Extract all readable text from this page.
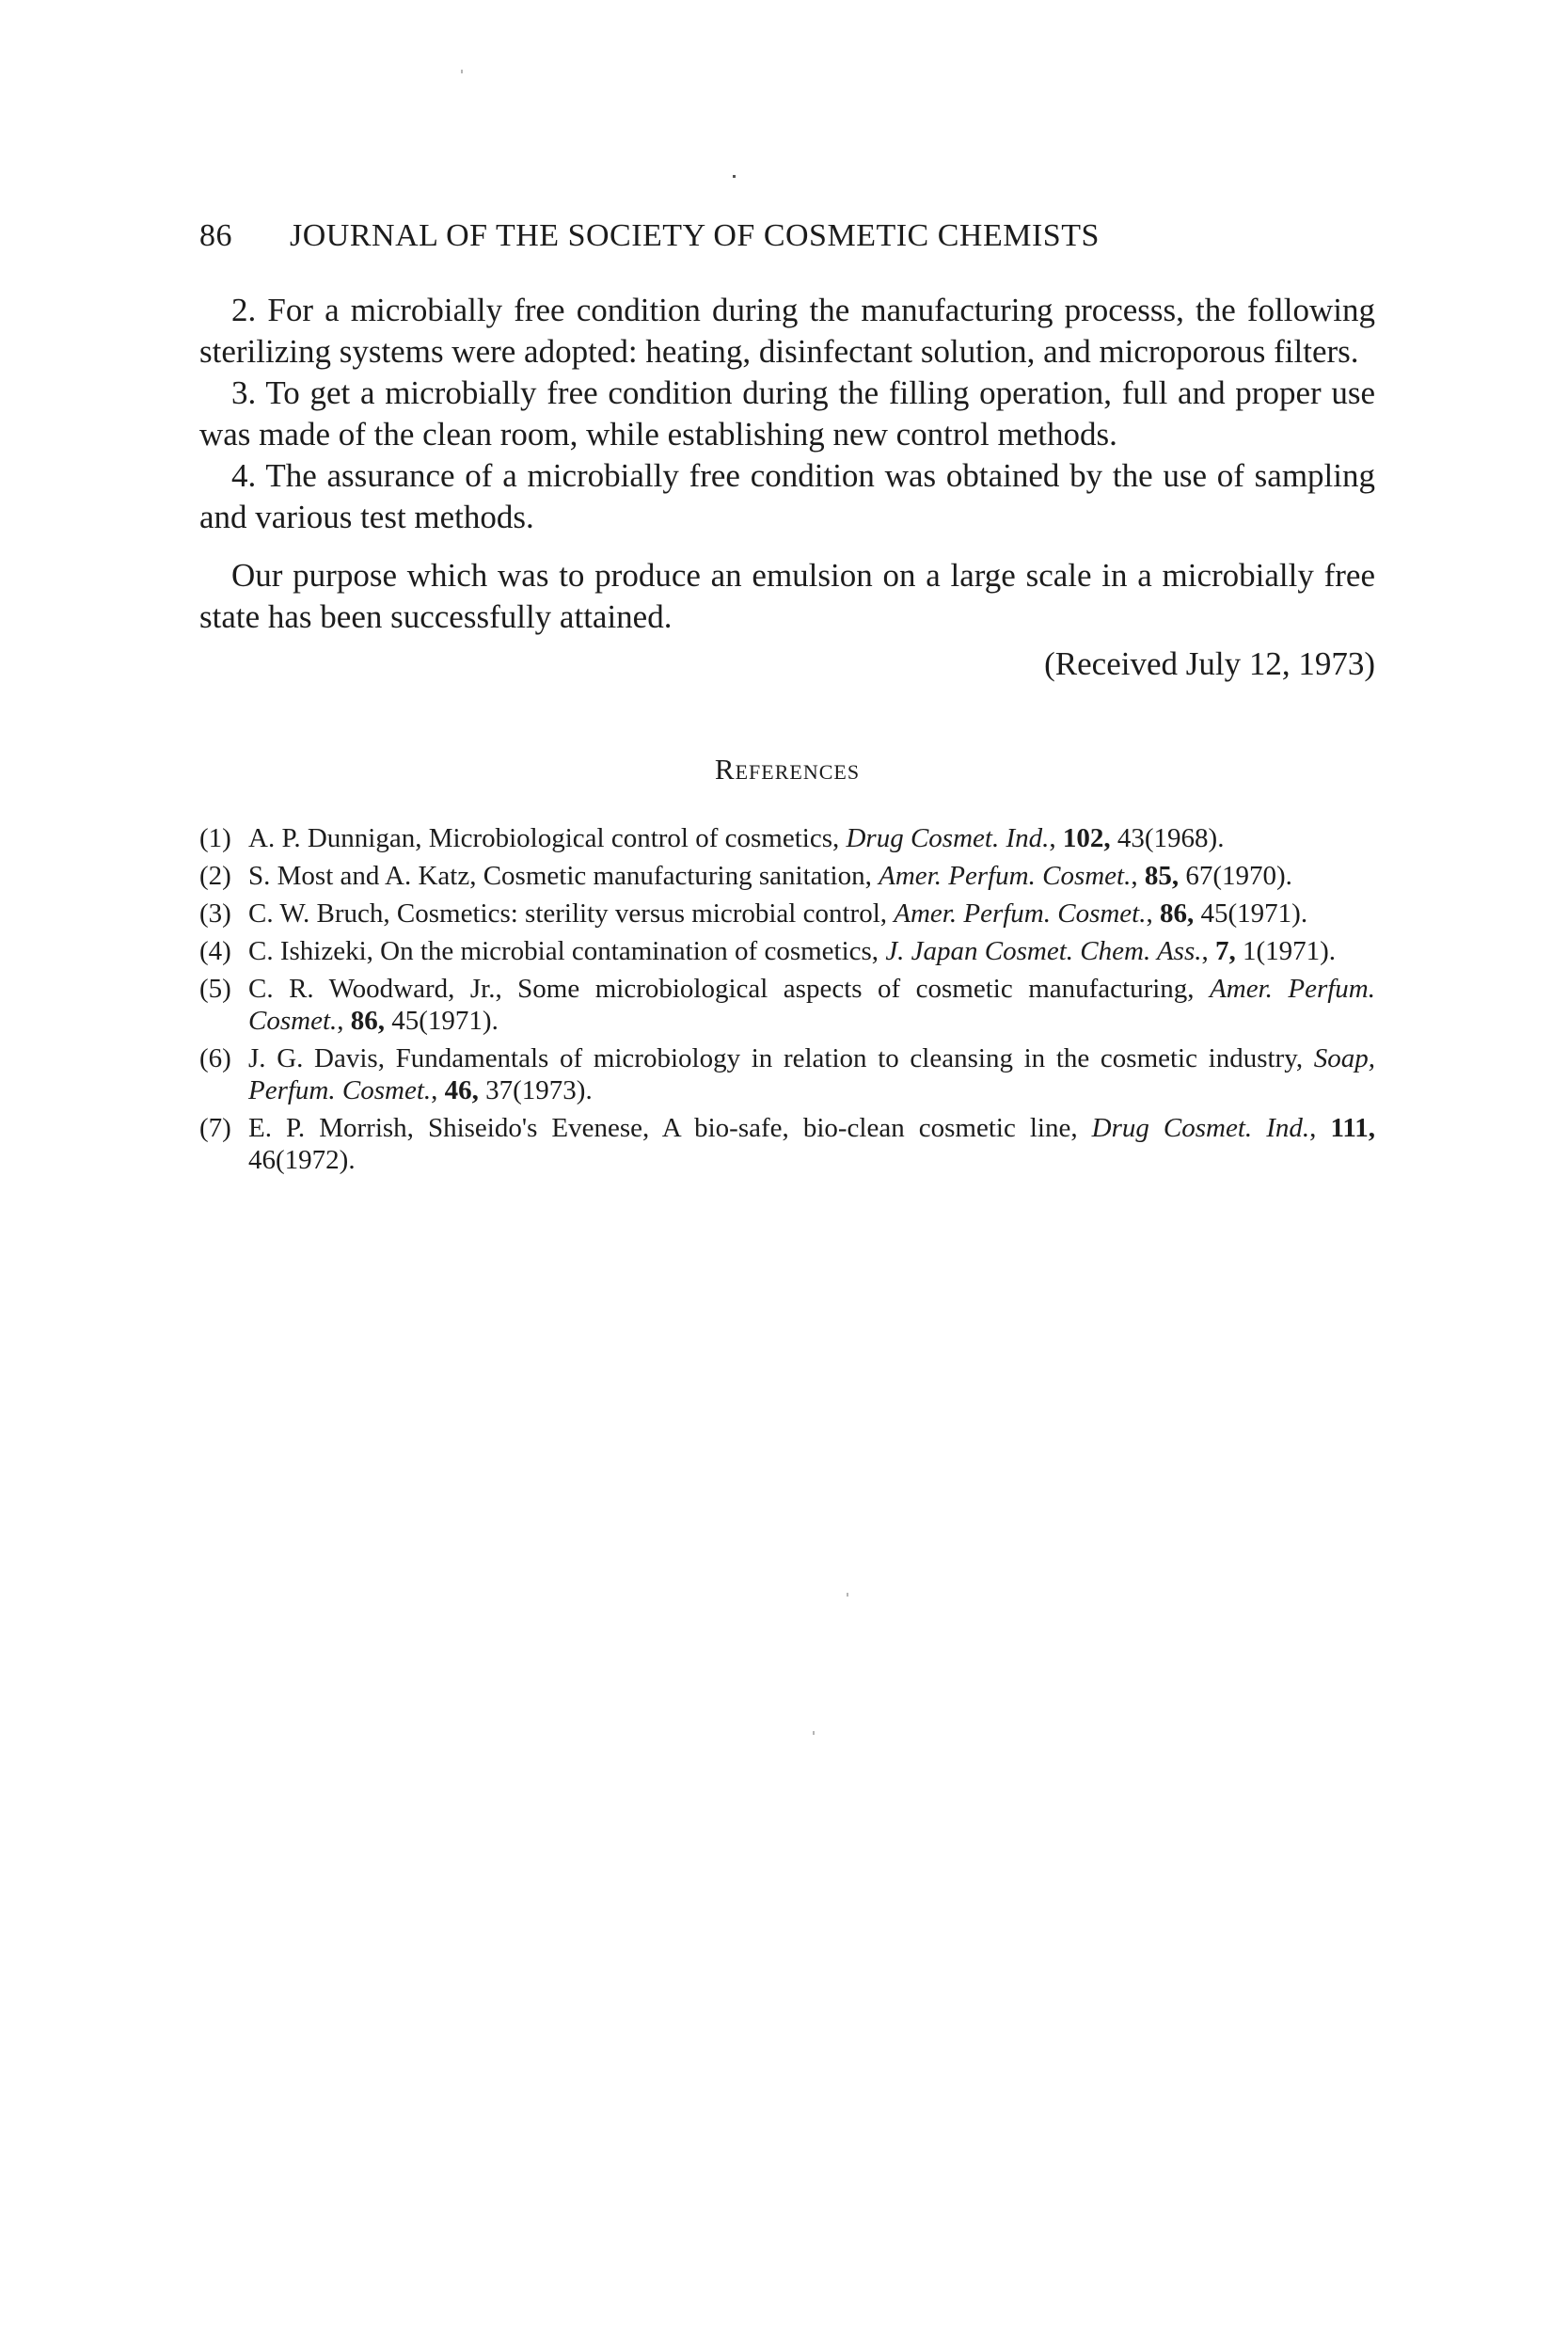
86 JOURNAL OF THE SOCIETY OF COSMETIC CHEMISTS

2. For a microbially free condition during the manufacturing processs, the following sterilizing systems were adopted: heating, disinfectant solution, and microporous filters.

3. To get a microbially free condition during the filling operation, full and proper use was made of the clean room, while establishing new control methods.

4. The assurance of a microbially free condition was obtained by the use of sampling and various test methods.

Our purpose which was to produce an emulsion on a large scale in a microbially free state has been successfully attained.

(Received July 12, 1973)
References
(1) A. P. Dunnigan, Microbiological control of cosmetics, Drug Cosmet. Ind., 102, 43(1968).
(2) S. Most and A. Katz, Cosmetic manufacturing sanitation, Amer. Perfum. Cosmet., 85, 67(1970).
(3) C. W. Bruch, Cosmetics: sterility versus microbial control, Amer. Perfum. Cosmet., 86, 45(1971).
(4) C. Ishizeki, On the microbial contamination of cosmetics, J. Japan Cosmet. Chem. Ass., 7, 1(1971).
(5) C. R. Woodward, Jr., Some microbiological aspects of cosmetic manufacturing, Amer. Perfum. Cosmet., 86, 45(1971).
(6) J. G. Davis, Fundamentals of microbiology in relation to cleansing in the cosmetic industry, Soap, Perfum. Cosmet., 46, 37(1973).
(7) E. P. Morrish, Shiseido's Evenese, A bio-safe, bio-clean cosmetic line, Drug Cosmet. Ind., 111, 46(1972).
